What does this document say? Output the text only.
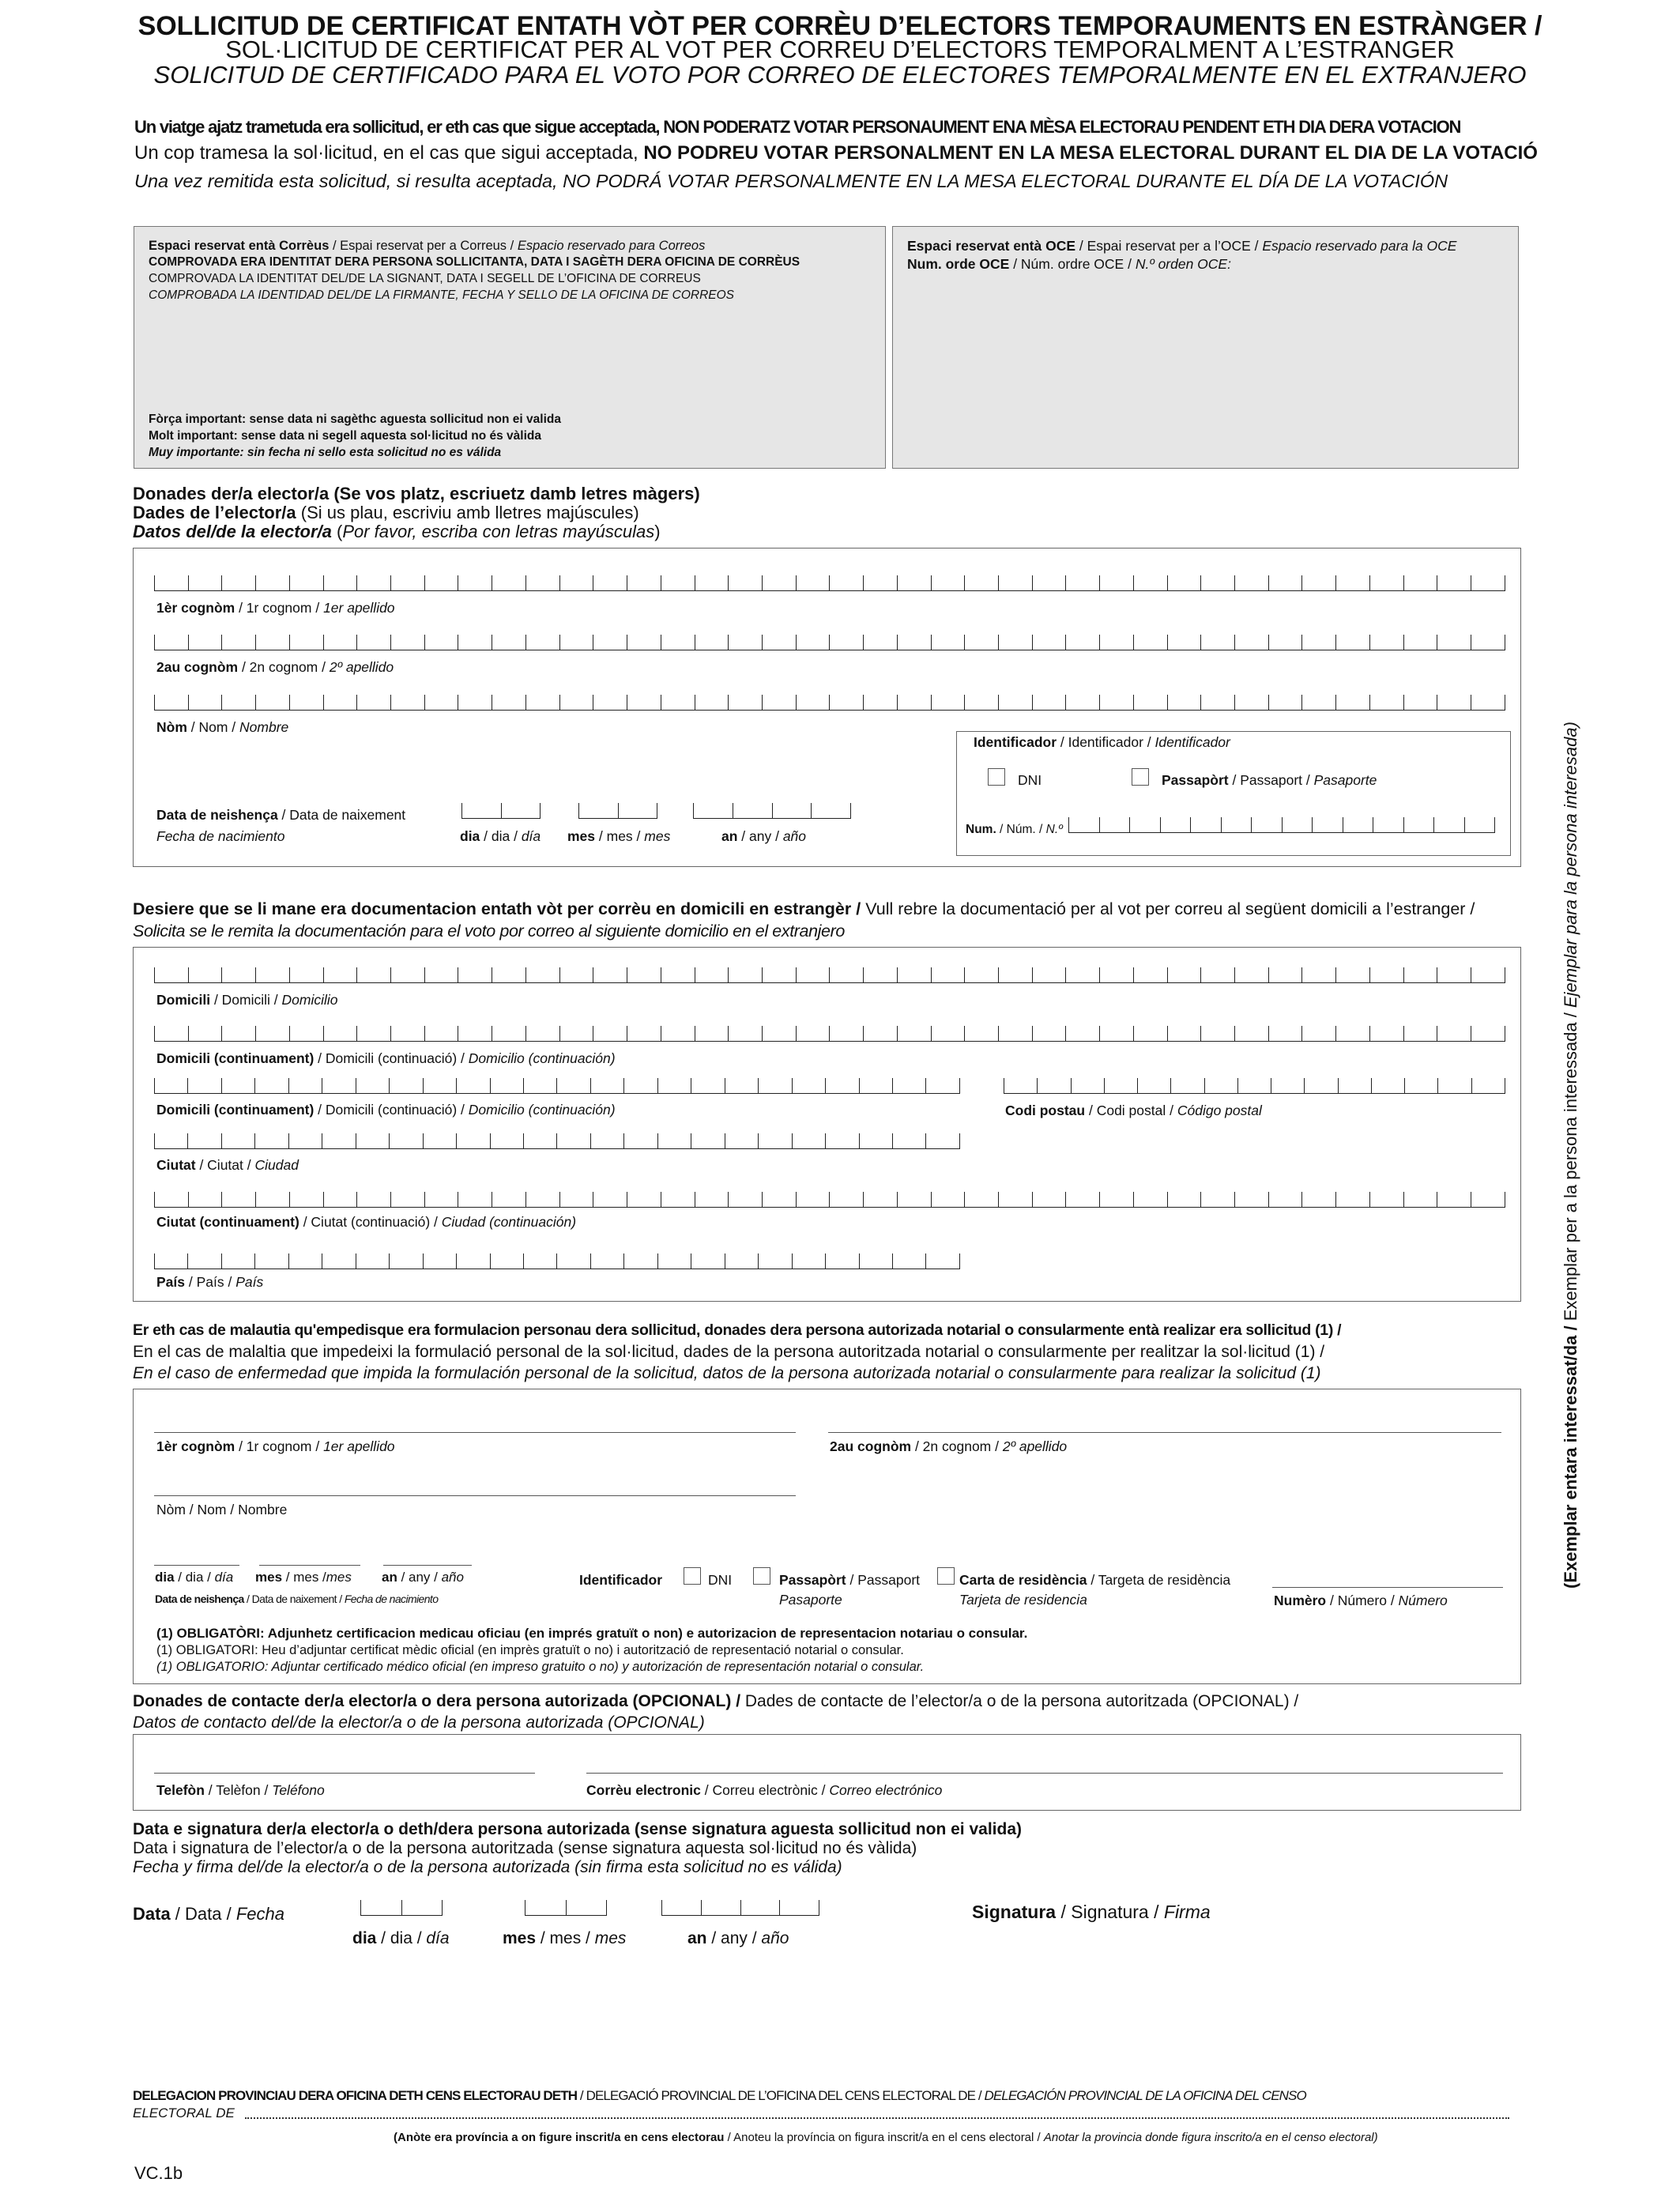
SOLLICITUD DE CERTIFICAT ENTATH VÒT PER CORRÈU D’ELECTORS TEMPORAUMENTS EN ESTRÀNGER /
SOL·LICITUD DE CERTIFICAT PER AL VOT PER CORREU D’ELECTORS TEMPORALMENT A L’ESTRANGER
SOLICITUD DE CERTIFICADO PARA EL VOTO POR CORREO DE ELECTORES TEMPORALMENTE EN EL EXTRANJERO
Un viatge ajatz trametuda era sollicitud, er eth cas que sigue acceptada, NON PODERATZ VOTAR PERSONAUMENT ENA MÈSA ELECTORAU PENDENT ETH DIA DERA VOTACION
Un cop tramesa la sol·licitud, en el cas que sigui acceptada, NO PODREU VOTAR PERSONALMENT EN LA MESA ELECTORAL DURANT EL DIA DE LA VOTACIÓ
Una vez remitida esta solicitud, si resulta aceptada, NO PODRÁ VOTAR PERSONALMENTE EN LA MESA ELECTORAL DURANTE EL DÍA DE LA VOTACIÓN
Espaci reservat entà Corrèus / Espai reservat per a Correus / Espacio reservado para Correos
COMPROVADA ERA IDENTITAT DERA PERSONA SOLLICITANTA, DATA I SAGÈTH DERA OFICINA DE CORRÈUS
COMPROVADA LA IDENTITAT DEL/DE LA SIGNANT, DATA I SEGELL DE L’OFICINA DE CORREUS
COMPROBADA LA IDENTIDAD DEL/DE LA FIRMANTE, FECHA Y SELLO DE LA OFICINA DE CORREOS
Fòrça important: sense data ni sagèthc aguesta sollicitud non ei valida
Molt important: sense data ni segell aquesta sol·licitud no és vàlida
Muy importante: sin fecha ni sello esta solicitud no es válida
Espaci reservat entà OCE / Espai reservat per a l’OCE / Espacio reservado para la OCE
Num. orde OCE / Núm. ordre OCE / N.º orden OCE:
Donades der/a elector/a (Se vos platz, escriuetz damb letres màgers)
Dades de l’elector/a (Si us plau, escriviu amb lletres majúscules)
Datos del/de la elector/a (Por favor, escriba con letras mayúsculas)
1èr cognòm / 1r cognom / 1er apellido
2au cognòm / 2n cognom / 2º apellido
Nòm / Nom / Nombre
Identificador / Identificador / Identificador
DNI	Passapòrt / Passaport / Pasaporte
Num. / Núm. / N.º
Data de neishença / Data de naixement
Fecha de nacimiento	dia / dia / día mes / mes / mes	an / any / año
Desiere que se li mane era documentacion entath vòt per corrèu en domicili en estrangèr / Vull rebre la documentació per al vot per correu al següent domicili a l’estranger /
Solicita se le remita la documentación para el voto por correo al siguiente domicilio en el extranjero
Domicili / Domicili / Domicilio
Domicili (continuament) / Domicili (continuació) / Domicilio (continuación)
Domicili (continuament) / Domicili (continuació) / Domicilio (continuación)	Codi postau / Codi postal / Código postal
Ciutat / Ciutat / Ciudad
Ciutat (continuament) / Ciutat (continuació) / Ciudad (continuación)
País / País / País
Er eth cas de malautia qu'empedisque era formulacion personau dera sollicitud, donades dera persona autorizada notarial o consularmente entà realizar era sollicitud (1) /
En el cas de malaltia que impedeixi la formulació personal de la sol·licitud, dades de la persona autoritzada notarial o consularmente per realitzar la sol·licitud (1) /
En el caso de enfermedad que impida la formulación personal de la solicitud, datos de la persona autorizada notarial o consularmente para realizar la solicitud (1)
1èr cognòm / 1r cognom / 1er apellido	2au cognòm / 2n cognom / 2º apellido
Nòm / Nom / Nombre
dia / dia / día mes / mes /mes an / any / año
Data de neishença / Data de naixement / Fecha de nacimiento
Identificador	DNI	Passapòrt / Passaport
Pasaporte
Carta de residència / Targeta de residència
Tarjeta de residencia	Numèro / Número / Número
(1) OBLIGATÒRI: Adjunhetz certificacion medicau oficiau (en imprés gratuït o non) e autorizacion de representacion notariau o consular.
(1) OBLIGATORI: Heu d’adjuntar certificat mèdic oficial (en imprès gratuït o no) i autorització de representació notarial o consular.
(1) OBLIGATORIO: Adjuntar certificado médico oficial (en impreso gratuito o no) y autorización de representación notarial o consular.
Donades de contacte der/a elector/a o dera persona autorizada (OPCIONAL) / Dades de contacte de l’elector/a o de la persona autoritzada (OPCIONAL) /
Datos de contacto del/de la elector/a o de la persona autorizada (OPCIONAL)
Telefòn / Telèfon / Teléfono	Corrèu electronic / Correu electrònic / Correo electrónico
Data e signatura der/a elector/a o deth/dera persona autorizada (sense signatura aguesta sollicitud non ei valida)
Data i signatura de l’elector/a o de la persona autoritzada (sense signatura aquesta sol·licitud no és vàlida)
Fecha y firma del/de la elector/a o de la persona autorizada (sin firma esta solicitud no es válida)
Data / Data / Fecha
dia / dia / día	mes / mes / mes	an / any / año
Signatura / Signatura / Firma
DELEGACION PROVINCIAU DERA OFICINA DETH CENS ELECTORAU DETH / DELEGACIÓ PROVINCIAL DE L’OFICINA DEL CENS ELECTORAL DE / DELEGACIÓN PROVINCIAL DE LA OFICINA DEL CENSO
ELECTORAL DE
(Anòte era província a on figure inscrit/a en cens electorau / Anoteu la província on figura inscrit/a en el cens electoral / Anotar la provincia donde figura inscrito/a en el censo electoral)
VC.1b
(Exemplar entara interessat/da / Exemplar per a la persona interessada / Ejemplar para la persona interesada)
